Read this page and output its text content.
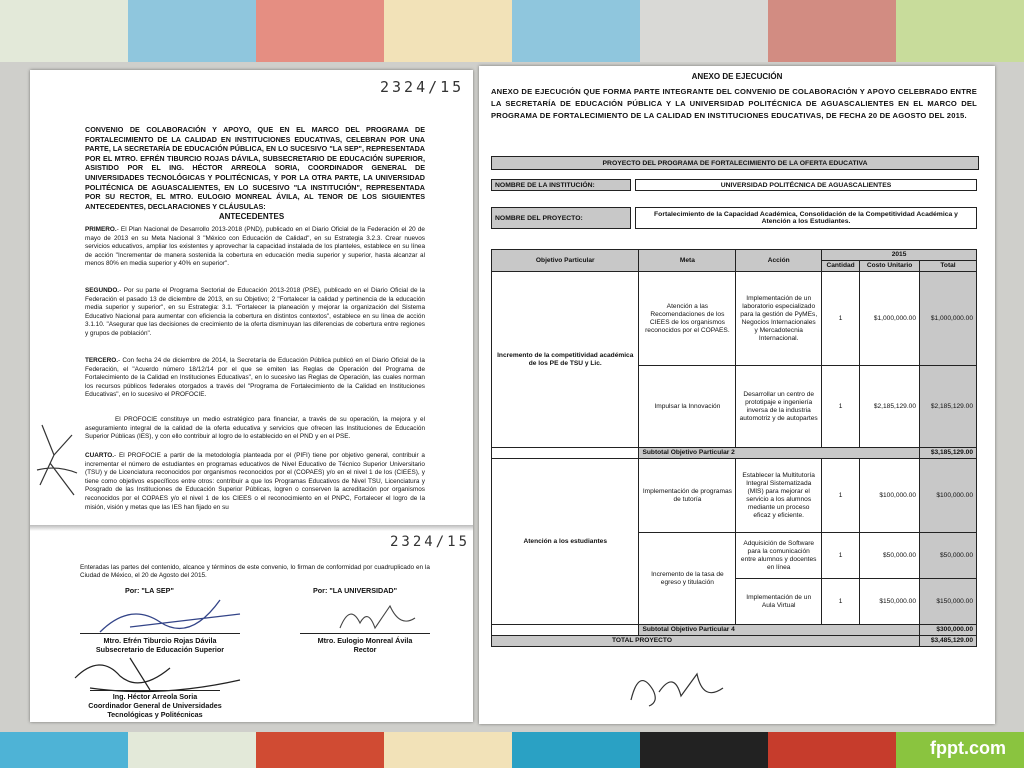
fppt.com
2324/15
CONVENIO DE COLABORACIÓN Y APOYO, QUE EN EL MARCO DEL PROGRAMA DE FORTALECIMIENTO DE LA CALIDAD EN INSTITUCIONES EDUCATIVAS, CELEBRAN POR UNA PARTE, LA SECRETARÍA DE EDUCACIÓN PÚBLICA, EN LO SUCESIVO "LA SEP", REPRESENTADA POR EL MTRO. EFRÉN TIBURCIO ROJAS DÁVILA, SUBSECRETARIO DE EDUCACIÓN SUPERIOR, ASISTIDO POR EL ING. HÉCTOR ARREOLA SORIA, COORDINADOR GENERAL DE UNIVERSIDADES TECNOLÓGICAS Y POLITÉCNICAS, Y POR LA OTRA PARTE, LA UNIVERSIDAD POLITÉCNICA DE AGUASCALIENTES, EN LO SUCESIVO "LA INSTITUCIÓN", REPRESENTADA POR SU RECTOR, EL MTRO. EULOGIO MONREAL ÁVILA, AL TENOR DE LOS SIGUIENTES ANTECEDENTES, DECLARACIONES Y CLÁUSULAS:
ANTECEDENTES
PRIMERO.- El Plan Nacional de Desarrollo 2013-2018 (PND), publicado en el Diario Oficial de la Federación el 20 de mayo de 2013 en su Meta Nacional 3 "México con Educación de Calidad", en su Estrategia 3.2.3. Crear nuevos servicios educativos, ampliar los existentes y aprovechar la capacidad instalada de los planteles, establece en su línea de acción "Incrementar de manera sostenida la cobertura en educación media superior y superior, hasta alcanzar al menos 80% en media superior y 40% en superior".
SEGUNDO.- Por su parte el Programa Sectorial de Educación 2013-2018 (PSE), publicado en el Diario Oficial de la Federación el pasado 13 de diciembre de 2013, en su Objetivo; 2 "Fortalecer la calidad y pertinencia de la educación media superior y superior", en su Estrategia: 3.1. "Fortalecer la planeación y mejorar la organización del Sistema Educativo Nacional para aumentar con eficiencia la cobertura en distintos contextos", establece en su línea de acción 3.1.10. "Asegurar que las decisiones de crecimiento de la oferta disminuyan las diferencias de cobertura entre regiones y grupos de población".
TERCERO.- Con fecha 24 de diciembre de 2014, la Secretaría de Educación Pública publicó en el Diario Oficial de la Federación, el "Acuerdo número 18/12/14 por el que se emiten las Reglas de Operación del Programa de Fortalecimiento de la Calidad en Instituciones Educativas", en lo sucesivo las Reglas de Operación, las cuales norman los recursos públicos federales otorgados a través del "Programa de Fortalecimiento de la Calidad en Instituciones Educativas", en lo sucesivo el PROFOCIE.
El PROFOCIE constituye un medio estratégico para financiar, a través de su operación, la mejora y el aseguramiento integral de la calidad de la oferta educativa y servicios que ofrecen las Instituciones de Educación Superior Públicas (IES), y con ello contribuir al logro de lo establecido en el PND y en el PSE.
CUARTO.- El PROFOCIE a partir de la metodología planteada por el (PIFI) tiene por objetivo general, contribuir a incrementar el número de estudiantes en programas educativos de Nivel Educativo de Técnico Superior Universitario (TSU) y de Licenciatura reconocidos por organismos reconocidos por el (COPAES) y/o en el nivel 1 de los (CIEES), y tiene como objetivos específicos entre otros: contribuir a que los Programas Educativos de Nivel TSU, Licenciatura y Posgrado de las Instituciones de Educación Superior Públicas, logren o conserven la acreditación por organismos reconocidos por el COPAES y/o el nivel 1 de los CIEES o el reconocimiento en el PNPC, Fortalecer el logro de la misión, visión y metas que las IES han fijado en su
2324/15
Enteradas las partes del contenido, alcance y términos de este convenio, lo firman de conformidad por cuadruplicado en la Ciudad de México, el 20 de Agosto del 2015.
Por: "LA SEP"	Por: "LA UNIVERSIDAD"
Mtro. Efrén Tiburcio Rojas Dávila
Subsecretario de Educación Superior
Mtro. Eulogio Monreal Ávila
Rector
Ing. Héctor Arreola Soria
Coordinador General de Universidades
Tecnológicas y Politécnicas
ANEXO DE EJECUCIÓN
ANEXO DE EJECUCIÓN QUE FORMA PARTE INTEGRANTE DEL CONVENIO DE COLABORACIÓN Y APOYO CELEBRADO ENTRE LA SECRETARÍA DE EDUCACIÓN PÚBLICA Y LA UNIVERSIDAD POLITÉCNICA DE AGUASCALIENTES EN EL MARCO DEL PROGRAMA DE FORTALECIMIENTO DE LA CALIDAD EN INSTITUCIONES EDUCATIVAS, DE FECHA 20 DE AGOSTO DEL 2015.
PROYECTO DEL PROGRAMA DE FORTALECIMIENTO DE LA OFERTA EDUCATIVA
NOMBRE DE LA INSTITUCIÓN:	UNIVERSIDAD POLITÉCNICA DE AGUASCALIENTES
NOMBRE DEL PROYECTO:	Fortalecimiento de la Capacidad Académica, Consolidación de la Competitividad Académica y Atención a los Estudiantes.
Objetivo Particular	Meta	Acción	2015		
			Cantidad	Costo Unitario	Total
Incremento de la competitividad académica de los PE de TSU y Lic.	Atención a las Recomendaciones de los CIEES de los organismos reconocidos por el COPAES.	Implementación de un laboratorio especializado para la gestión de PyMEs, Negocios Internacionales y Mercadotecnia Internacional.	1	$1,000,000.00	$1,000,000.00
	Impulsar la Innovación	Desarrollar un centro de prototipaje e ingeniería inversa de la industria automotriz y de autopartes	1	$2,185,129.00	$2,185,129.00
	Subtotal Objetivo Particular 2				$3,185,129.00
Atención a los estudiantes	Implementación de programas de tutoría	Establecer la Multitutoría Integral Sistematizada (MIS) para mejorar el servicio a los alumnos mediante un proceso eficaz y eficiente.	1	$100,000.00	$100,000.00
	Incremento de la tasa de egreso y titulación	Adquisición de Software para la comunicación entre alumnos y docentes en línea	1	$50,000.00	$50,000.00
		Implementación de un Aula Virtual	1	$150,000.00	$150,000.00
	Subtotal Objetivo Particular 4				$300,000.00
TOTAL PROYECTO					$3,485,129.00
